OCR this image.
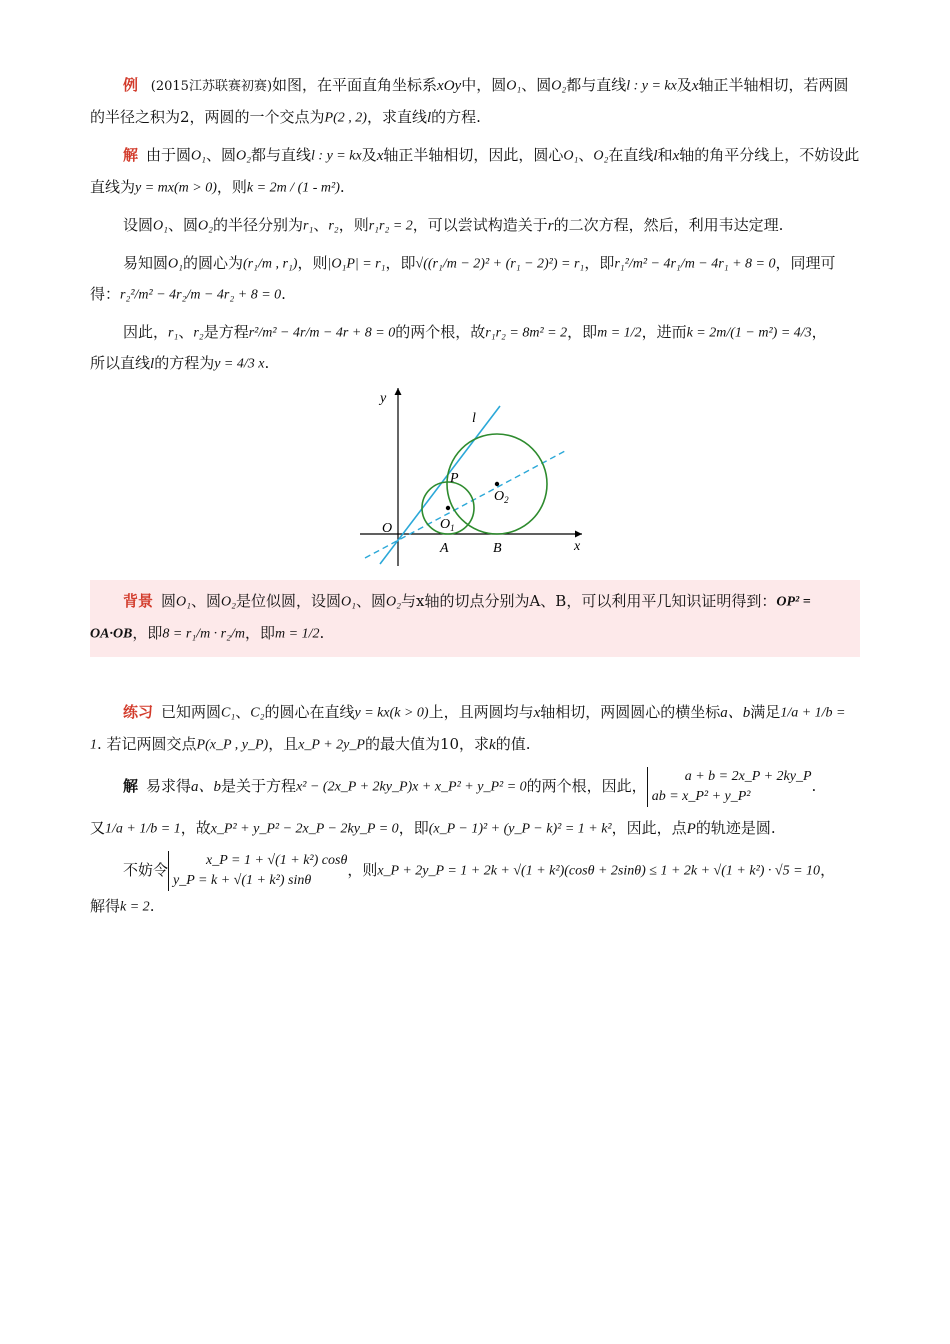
例 (2015江苏联赛初赛)如图，在平面直角坐标系xOy中，圆O₁、圆O₂都与直线l : y = kx及x轴正半轴相切，若两圆的半径之积为2，两圆的一个交点为P(2 , 2)，求直线l的方程.

解 由于圆O₁、圆O₂都与直线l : y = kx及x轴正半轴相切，因此，圆心O₁、O₂在直线l和x轴的角平分线上，不妨设此直线为y = mx(m > 0)，则k = 2m / (1 - m²).

设圆O₁、圆O₂的半径分别为r₁、r₂，则r₁r₂ = 2，可以尝试构造关于r的二次方程，然后，利用韦达定理.

易知圆O₁的圆心为(r₁/m , r₁)，则|O₁P| = r₁，即√((r₁/m − 2)² + (r₁ − 2)²) = r₁，即r₁²/m² − 4r₁/m − 4r₁ + 8 = 0，同理可得：r₂²/m² − 4r₂/m − 4r₂ + 8 = 0.

因此，r₁、r₂是方程r²/m² − 4r/m − 4r + 8 = 0的两个根，故r₁r₂ = 8m² = 2，即m = 1/2，进而k = 2m/(1 − m²) = 4/3，
所以直线l的方程为y = 4/3 x.

y
x
l
P
O	$O_1$
$O_2$
A	B

背景 圆O₁、圆O₂是位似圆，设圆O₁、圆O₂与x轴的切点分别为A、B，可以利用平几知识证明得到：OP² = OA·OB，即8 = r₁/m · r₂/m，即m = 1/2.

练习 已知两圆C₁、C₂的圆心在直线y = kx(k > 0)上，且两圆均与x轴相切，两圆圆心的横坐标a、b满足1/a + 1/b = 1. 若记两圆交点P(x_P , y_P)，且x_P + 2y_P的最大值为10，求k的值.

解 易求得a、b是关于方程x² − (2x_P + 2ky_P)x + x_P² + y_P² = 0的两个根，因此，a + b = 2x_P + 2ky_P
ab = x_P² + y_P².

又1/a + 1/b = 1，故x_P² + y_P² − 2x_P − 2ky_P = 0，即(x_P − 1)² + (y_P − k)² = 1 + k²，因此，点P的轨迹是圆.

不妨令x_P = 1 + √(1 + k²) cosθ
y_P = k + √(1 + k²) sinθ，则x_P + 2y_P = 1 + 2k + √(1 + k²)(cosθ + 2sinθ) ≤ 1 + 2k + √(1 + k²) · √5 = 10，
解得k = 2.
